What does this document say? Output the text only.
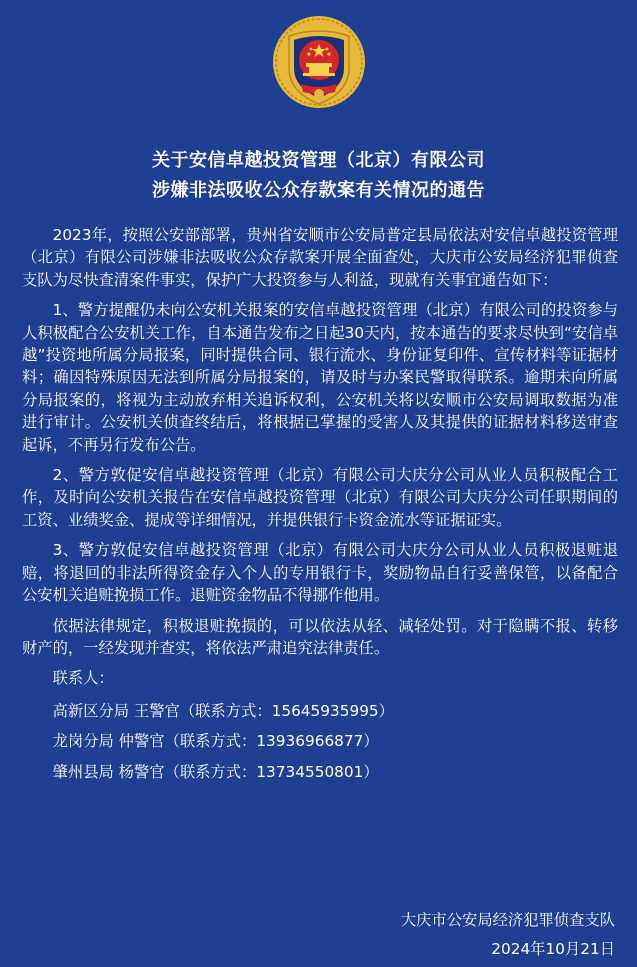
关于安信卓越投资管理（北京）有限公司
涉嫌非法吸收公众存款案有关情况的通告

2023年，按照公安部部署，贵州省安顺市公安局普定县局依法对安信卓越投资管理（北京）有限公司涉嫌非法吸收公众存款案开展全面查处，大庆市公安局经济犯罪侦查支队为尽快查清案件事实，保护广大投资参与人利益，现就有关事宜通告如下：

1、警方提醒仍未向公安机关报案的安信卓越投资管理（北京）有限公司的投资参与人积极配合公安机关工作，自本通告发布之日起30天内，按本通告的要求尽快到“安信卓越”投资地所属分局报案，同时提供合同、银行流水、身份证复印件、宣传材料等证据材料；确因特殊原因无法到所属分局报案的，请及时与办案民警取得联系。逾期未向所属分局报案的，将视为主动放弃相关追诉权利，公安机关将以安顺市公安局调取数据为准进行审计。公安机关侦查终结后，将根据已掌握的受害人及其提供的证据材料移送审查起诉，不再另行发布公告。

2、警方敦促安信卓越投资管理（北京）有限公司大庆分公司从业人员积极配合工作，及时向公安机关报告在安信卓越投资管理（北京）有限公司大庆分公司任职期间的工资、业绩奖金、提成等详细情况，并提供银行卡资金流水等证据证实。

3、警方敦促安信卓越投资管理（北京）有限公司大庆分公司从业人员积极退赃退赔，将退回的非法所得资金存入个人的专用银行卡，奖励物品自行妥善保管，以备配合公安机关追赃挽损工作。退赃资金物品不得挪作他用。

依据法律规定，积极退赃挽损的，可以依法从轻、减轻处罚。对于隐瞒不报、转移财产的，一经发现并查实，将依法严肃追究法律责任。

联系人：

高新区分局 王警官（联系方式：15645935995）

龙岗分局 仲警官（联系方式：13936966877）

肇州县局 杨警官（联系方式：13734550801）

大庆市公安局经济犯罪侦查支队
2024年10月21日
